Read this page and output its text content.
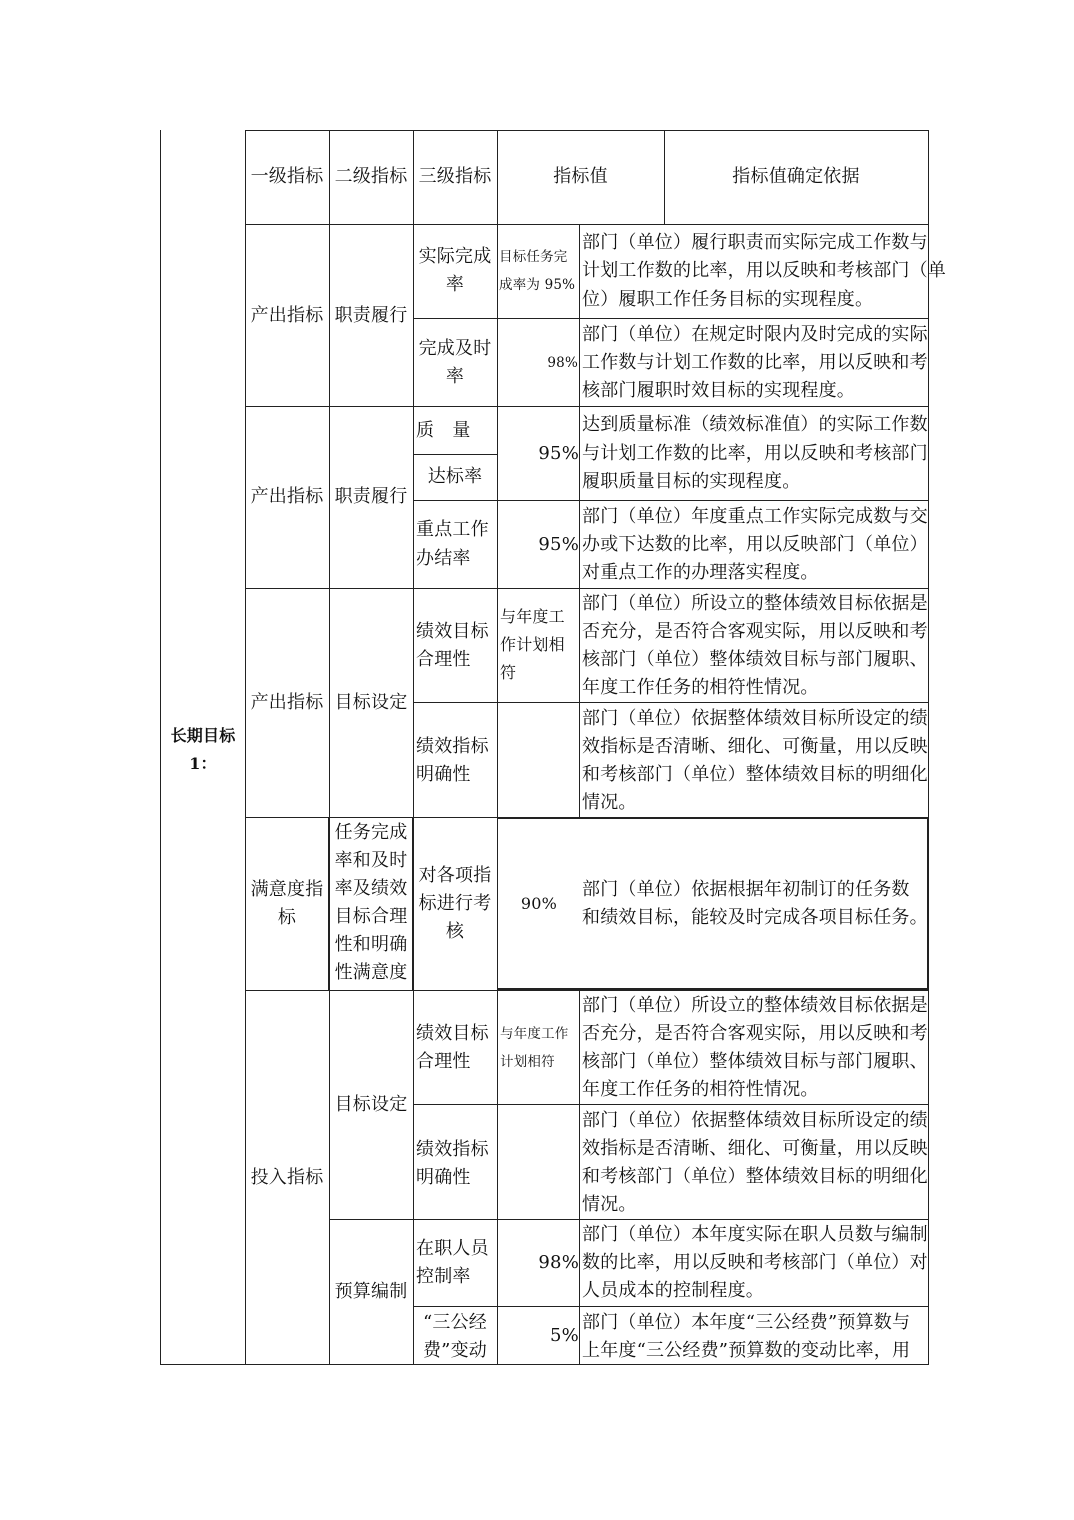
长期目标
1：
一级指标 二级指标 三级指标	指标值	指标值确定依据
产出指标 职责履行
实际完成
率
目标任务完
成率为 95%
部门（单位）履行职责而实际完成工作数与
计划工作数的比率，用以反映和考核部门（单
位）履职工作任务目标的实现程度。
完成及时
率
98%
部门（单位）在规定时限内及时完成的实际
工作数与计划工作数的比率，用以反映和考
核部门履职时效目标的实现程度。
产出指标 职责履行
质　量
达标率
95%
达到质量标准（绩效标准值）的实际工作数
与计划工作数的比率，用以反映和考核部门
履职质量目标的实现程度。
重点工作
办结率
95%
部门（单位）年度重点工作实际完成数与交
办或下达数的比率，用以反映部门（单位）
对重点工作的办理落实程度。
产出指标 目标设定
绩效目标
合理性
与年度工
作计划相
符
部门（单位）所设立的整体绩效目标依据是
否充分，是否符合客观实际，用以反映和考
核部门（单位）整体绩效目标与部门履职、
年度工作任务的相符性情况。
绩效指标
明确性
部门（单位）依据整体绩效目标所设定的绩
效指标是否清晰、细化、可衡量，用以反映
和考核部门（单位）整体绩效目标的明细化
情况。
满意度指
标
任务完成
率和及时
率及绩效
目标合理
性和明确
性满意度
对各项指
标进行考
核
90%
部门（单位）依据根据年初制订的任务数
和绩效目标，能较及时完成各项目标任务。
投入指标
目标设定
预算编制
绩效目标
合理性
与年度工作
计划相符
部门（单位）所设立的整体绩效目标依据是
否充分，是否符合客观实际，用以反映和考
核部门（单位）整体绩效目标与部门履职、
年度工作任务的相符性情况。
绩效指标
明确性
部门（单位）依据整体绩效目标所设定的绩
效指标是否清晰、细化、可衡量，用以反映
和考核部门（单位）整体绩效目标的明细化
情况。
在职人员
控制率
98%
部门（单位）本年度实际在职人员数与编制
数的比率，用以反映和考核部门（单位）对
人员成本的控制程度。
“三公经
费”变动
5%
部门（单位）本年度“三公经费”预算数与
上年度“三公经费”预算数的变动比率，用
